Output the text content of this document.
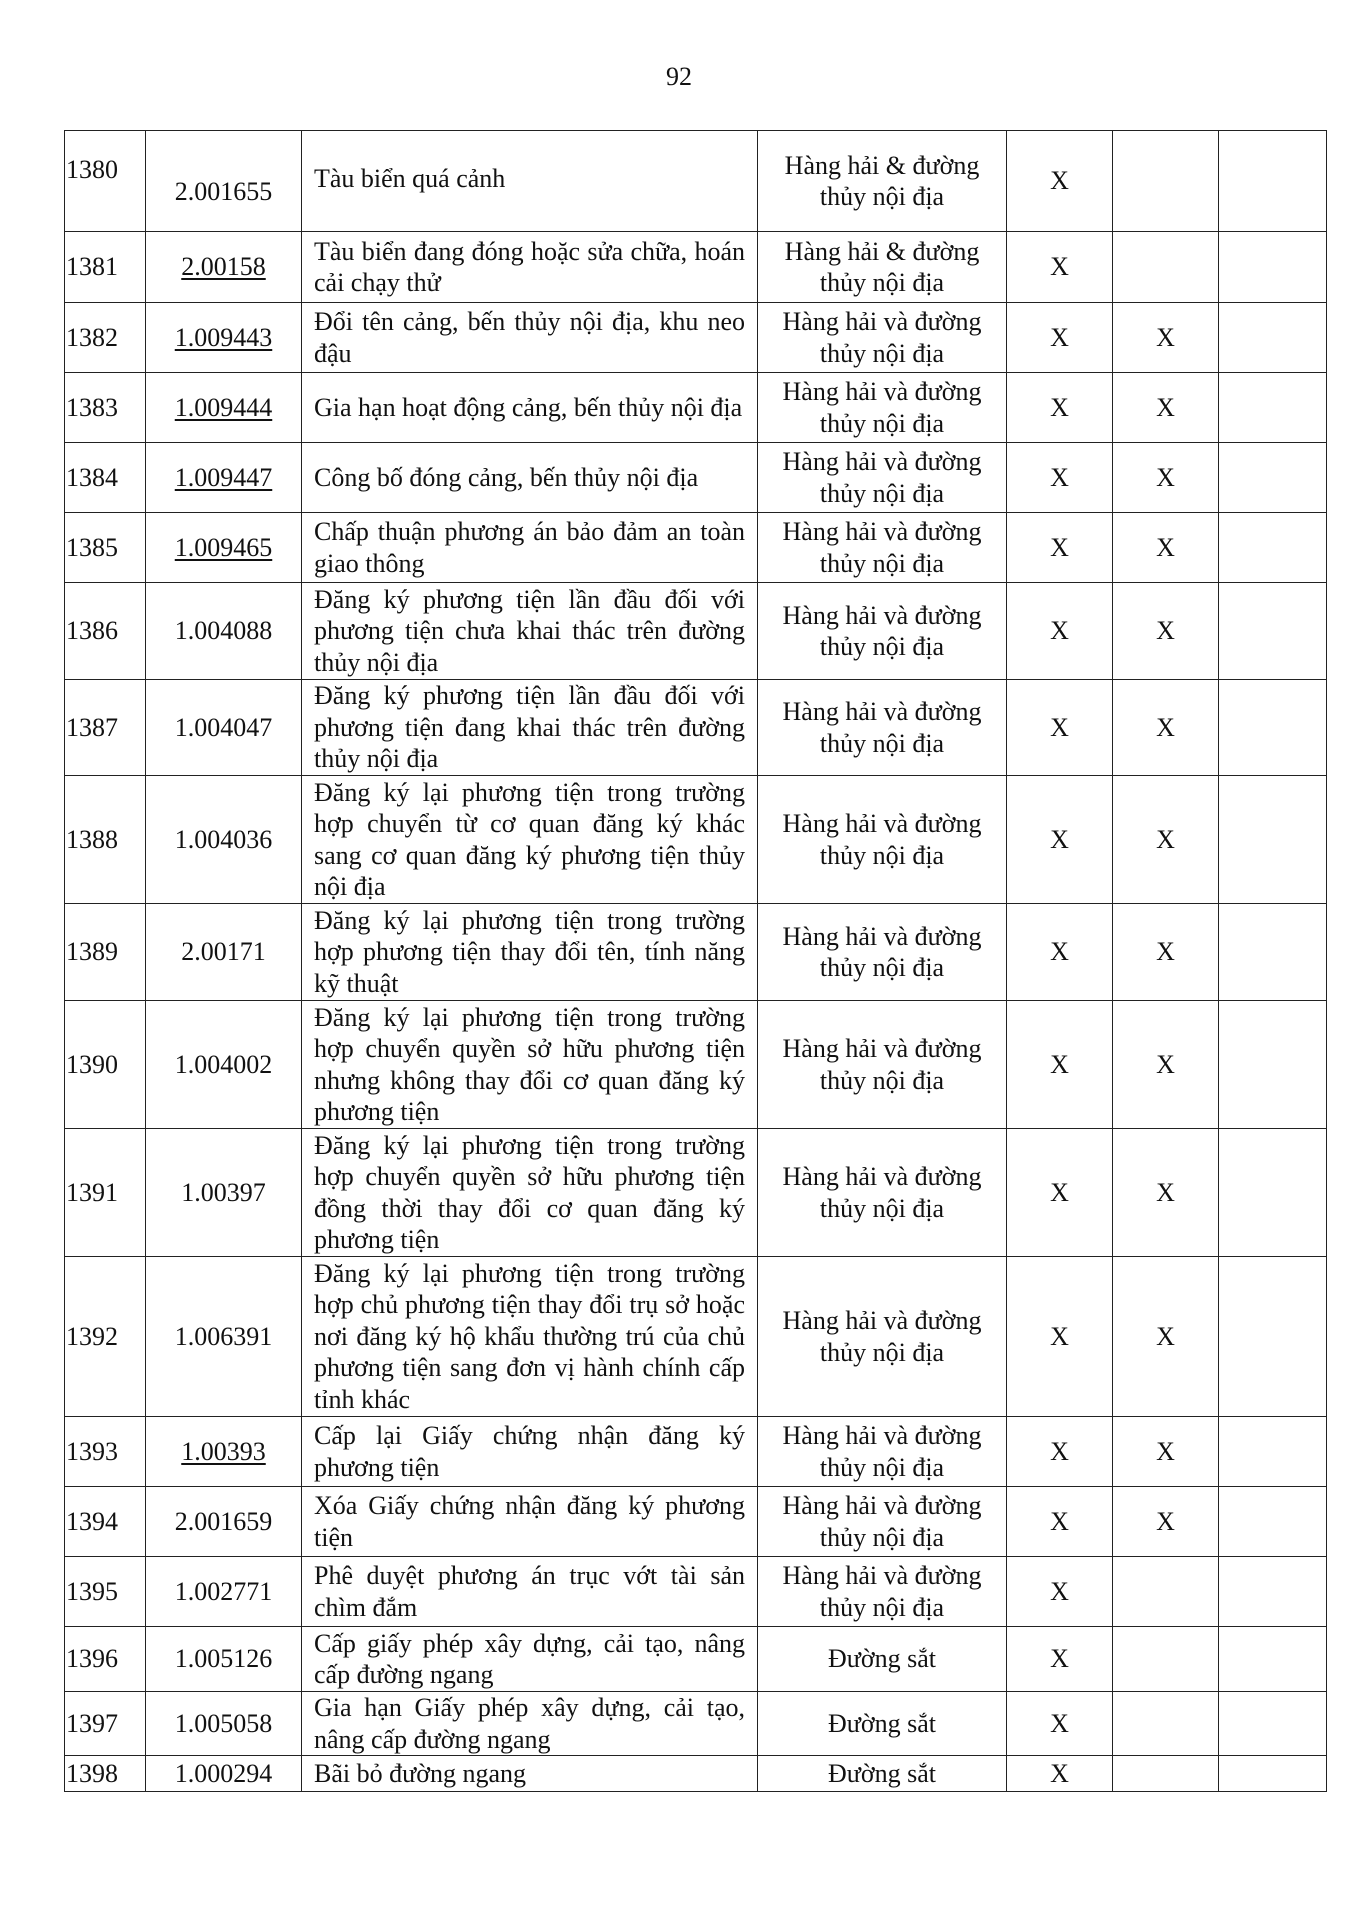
92
1380	2.001655	Tàu biển quá cảnh	Hàng hải & đường thủy nội địa	X		
1381	2.00158	Tàu biển đang đóng hoặc sửa chữa, hoán cải chạy thử	Hàng hải & đường thủy nội địa	X		
1382	1.009443	Đổi tên cảng, bến thủy nội địa, khu neo đậu	Hàng hải và đường thủy nội địa	X	X	
1383	1.009444	Gia hạn hoạt động cảng, bến thủy nội địa	Hàng hải và đường thủy nội địa	X	X	
1384	1.009447	Công bố đóng cảng, bến thủy nội địa	Hàng hải và đường thủy nội địa	X	X	
1385	1.009465	Chấp thuận phương án bảo đảm an toàn giao thông	Hàng hải và đường thủy nội địa	X	X	
1386	1.004088	Đăng ký phương tiện lần đầu đối với phương tiện chưa khai thác trên đường thủy nội địa	Hàng hải và đường thủy nội địa	X	X	
1387	1.004047	Đăng ký phương tiện lần đầu đối với phương tiện đang khai thác trên đường thủy nội địa	Hàng hải và đường thủy nội địa	X	X	
1388	1.004036	Đăng ký lại phương tiện trong trường hợp chuyển từ cơ quan đăng ký khác sang cơ quan đăng ký phương tiện thủy nội địa	Hàng hải và đường thủy nội địa	X	X	
1389	2.00171	Đăng ký lại phương tiện trong trường hợp phương tiện thay đổi tên, tính năng kỹ thuật	Hàng hải và đường thủy nội địa	X	X	
1390	1.004002	Đăng ký lại phương tiện trong trường hợp chuyển quyền sở hữu phương tiện nhưng không thay đổi cơ quan đăng ký phương tiện	Hàng hải và đường thủy nội địa	X	X	
1391	1.00397	Đăng ký lại phương tiện trong trường hợp chuyển quyền sở hữu phương tiện đồng thời thay đổi cơ quan đăng ký phương tiện	Hàng hải và đường thủy nội địa	X	X	
1392	1.006391	Đăng ký lại phương tiện trong trường hợp chủ phương tiện thay đổi trụ sở hoặc nơi đăng ký hộ khẩu thường trú của chủ phương tiện sang đơn vị hành chính cấp tỉnh khác	Hàng hải và đường thủy nội địa	X	X	
1393	1.00393	Cấp lại Giấy chứng nhận đăng ký phương tiện	Hàng hải và đường thủy nội địa	X	X	
1394	2.001659	Xóa Giấy chứng nhận đăng ký phương tiện	Hàng hải và đường thủy nội địa	X	X	
1395	1.002771	Phê duyệt phương án trục vớt tài sản chìm đắm	Hàng hải và đường thủy nội địa	X		
1396	1.005126	Cấp giấy phép xây dựng, cải tạo, nâng cấp đường ngang	Đường sắt	X		
1397	1.005058	Gia hạn Giấy phép xây dựng, cải tạo, nâng cấp đường ngang	Đường sắt	X		
1398	1.000294	Bãi bỏ đường ngang	Đường sắt	X		
